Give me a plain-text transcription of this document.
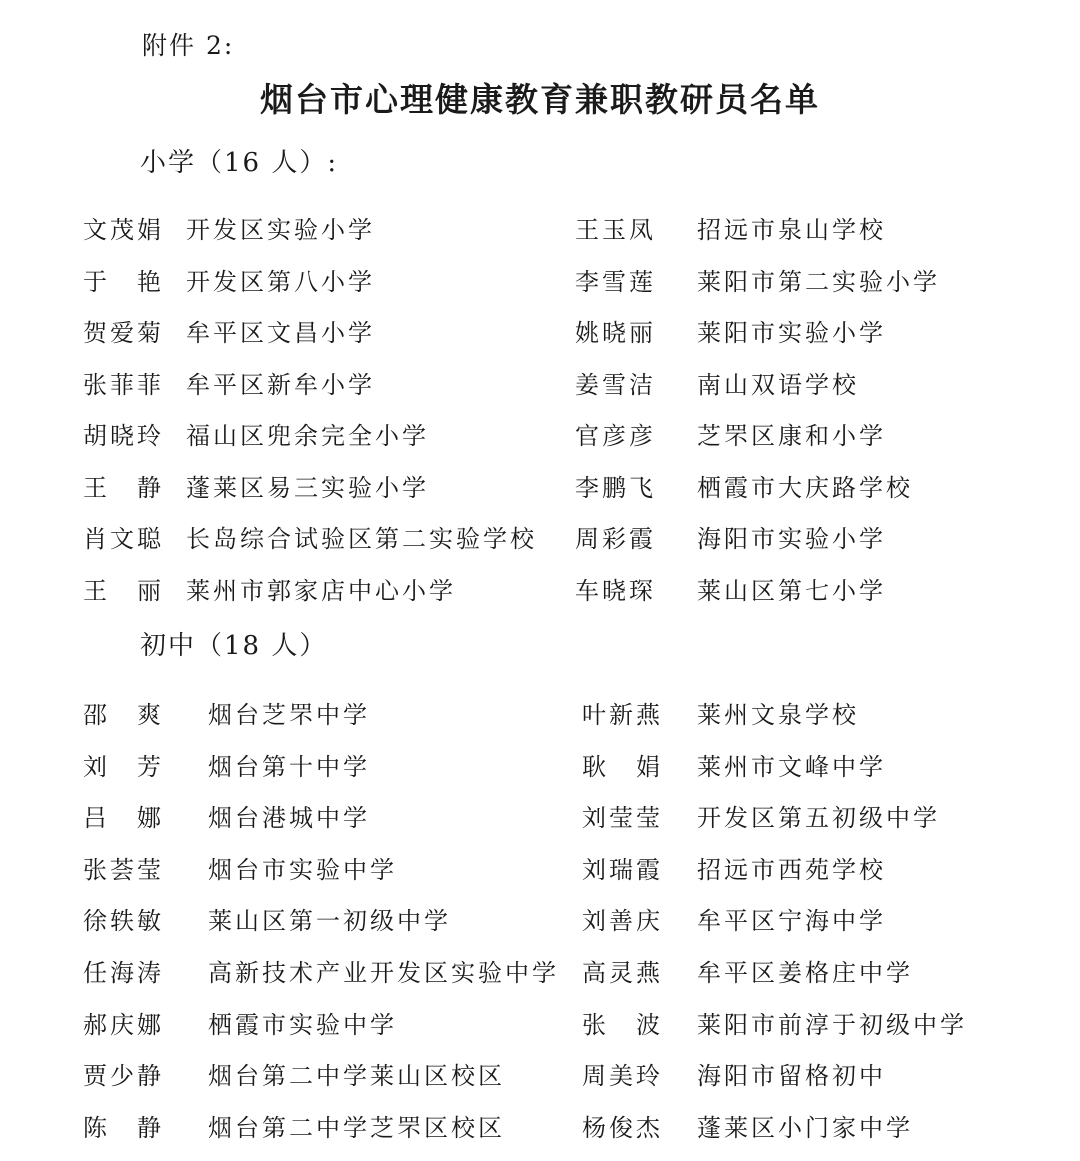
附件 2:
烟台市心理健康教育兼职教研员名单
小学（16 人）:
文茂娟 开发区实验小学	王玉凤 招远市泉山学校
于　艳 开发区第八小学	李雪莲 莱阳市第二实验小学
贺爱菊 牟平区文昌小学	姚晓丽 莱阳市实验小学
张菲菲 牟平区新牟小学	姜雪洁 南山双语学校
胡晓玲 福山区兜余完全小学	官彦彦 芝罘区康和小学
王　静 蓬莱区易三实验小学	李鹏飞 栖霞市大庆路学校
肖文聪 长岛综合试验区第二实验学校 周彩霞 海阳市实验小学
王　丽 莱州市郭家店中心小学	车晓琛 莱山区第七小学
初中（18 人）
邵　爽 烟台芝罘中学	叶新燕 莱州文泉学校
刘　芳 烟台第十中学	耿　娟 莱州市文峰中学
吕　娜 烟台港城中学	刘莹莹 开发区第五初级中学
张荟莹 烟台市实验中学	刘瑞霞 招远市西苑学校
徐轶敏 莱山区第一初级中学	刘善庆 牟平区宁海中学
任海涛 高新技术产业开发区实验中学 高灵燕 牟平区姜格庄中学
郝庆娜 栖霞市实验中学	张　波 莱阳市前淳于初级中学
贾少静 烟台第二中学莱山区校区	周美玲 海阳市留格初中
陈　静 烟台第二中学芝罘区校区	杨俊杰 蓬莱区小门家中学
